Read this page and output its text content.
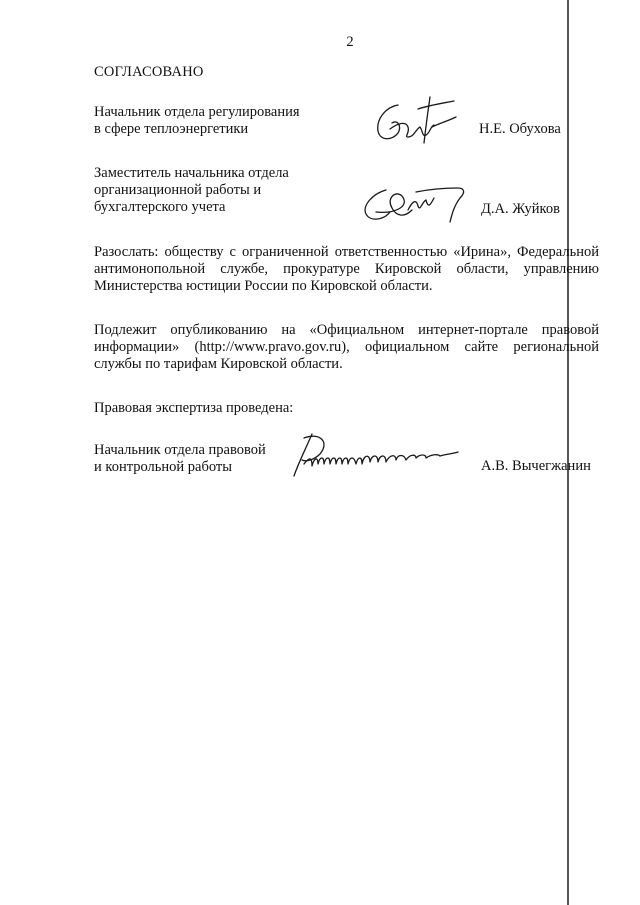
2
СОГЛАСОВАНО
Начальник отдела регулирования
в сфере теплоэнергетики	Н.Е. Обухова
Заместитель начальника отдела
организационной работы и
бухгалтерского учета	Д.А. Жуйков
Разослать: обществу с ограниченной ответственностью «Ирина», Федеральной антимонопольной службе, прокуратуре Кировской области, управлению Министерства юстиции России по Кировской области.
Подлежит опубликованию на «Официальном интернет-портале правовой информации» (http://www.pravo.gov.ru), официальном сайте региональной службы по тарифам Кировской области.
Правовая экспертиза проведена:
Начальник отдела правовой
и контрольной работы	А.В. Вычегжанин
